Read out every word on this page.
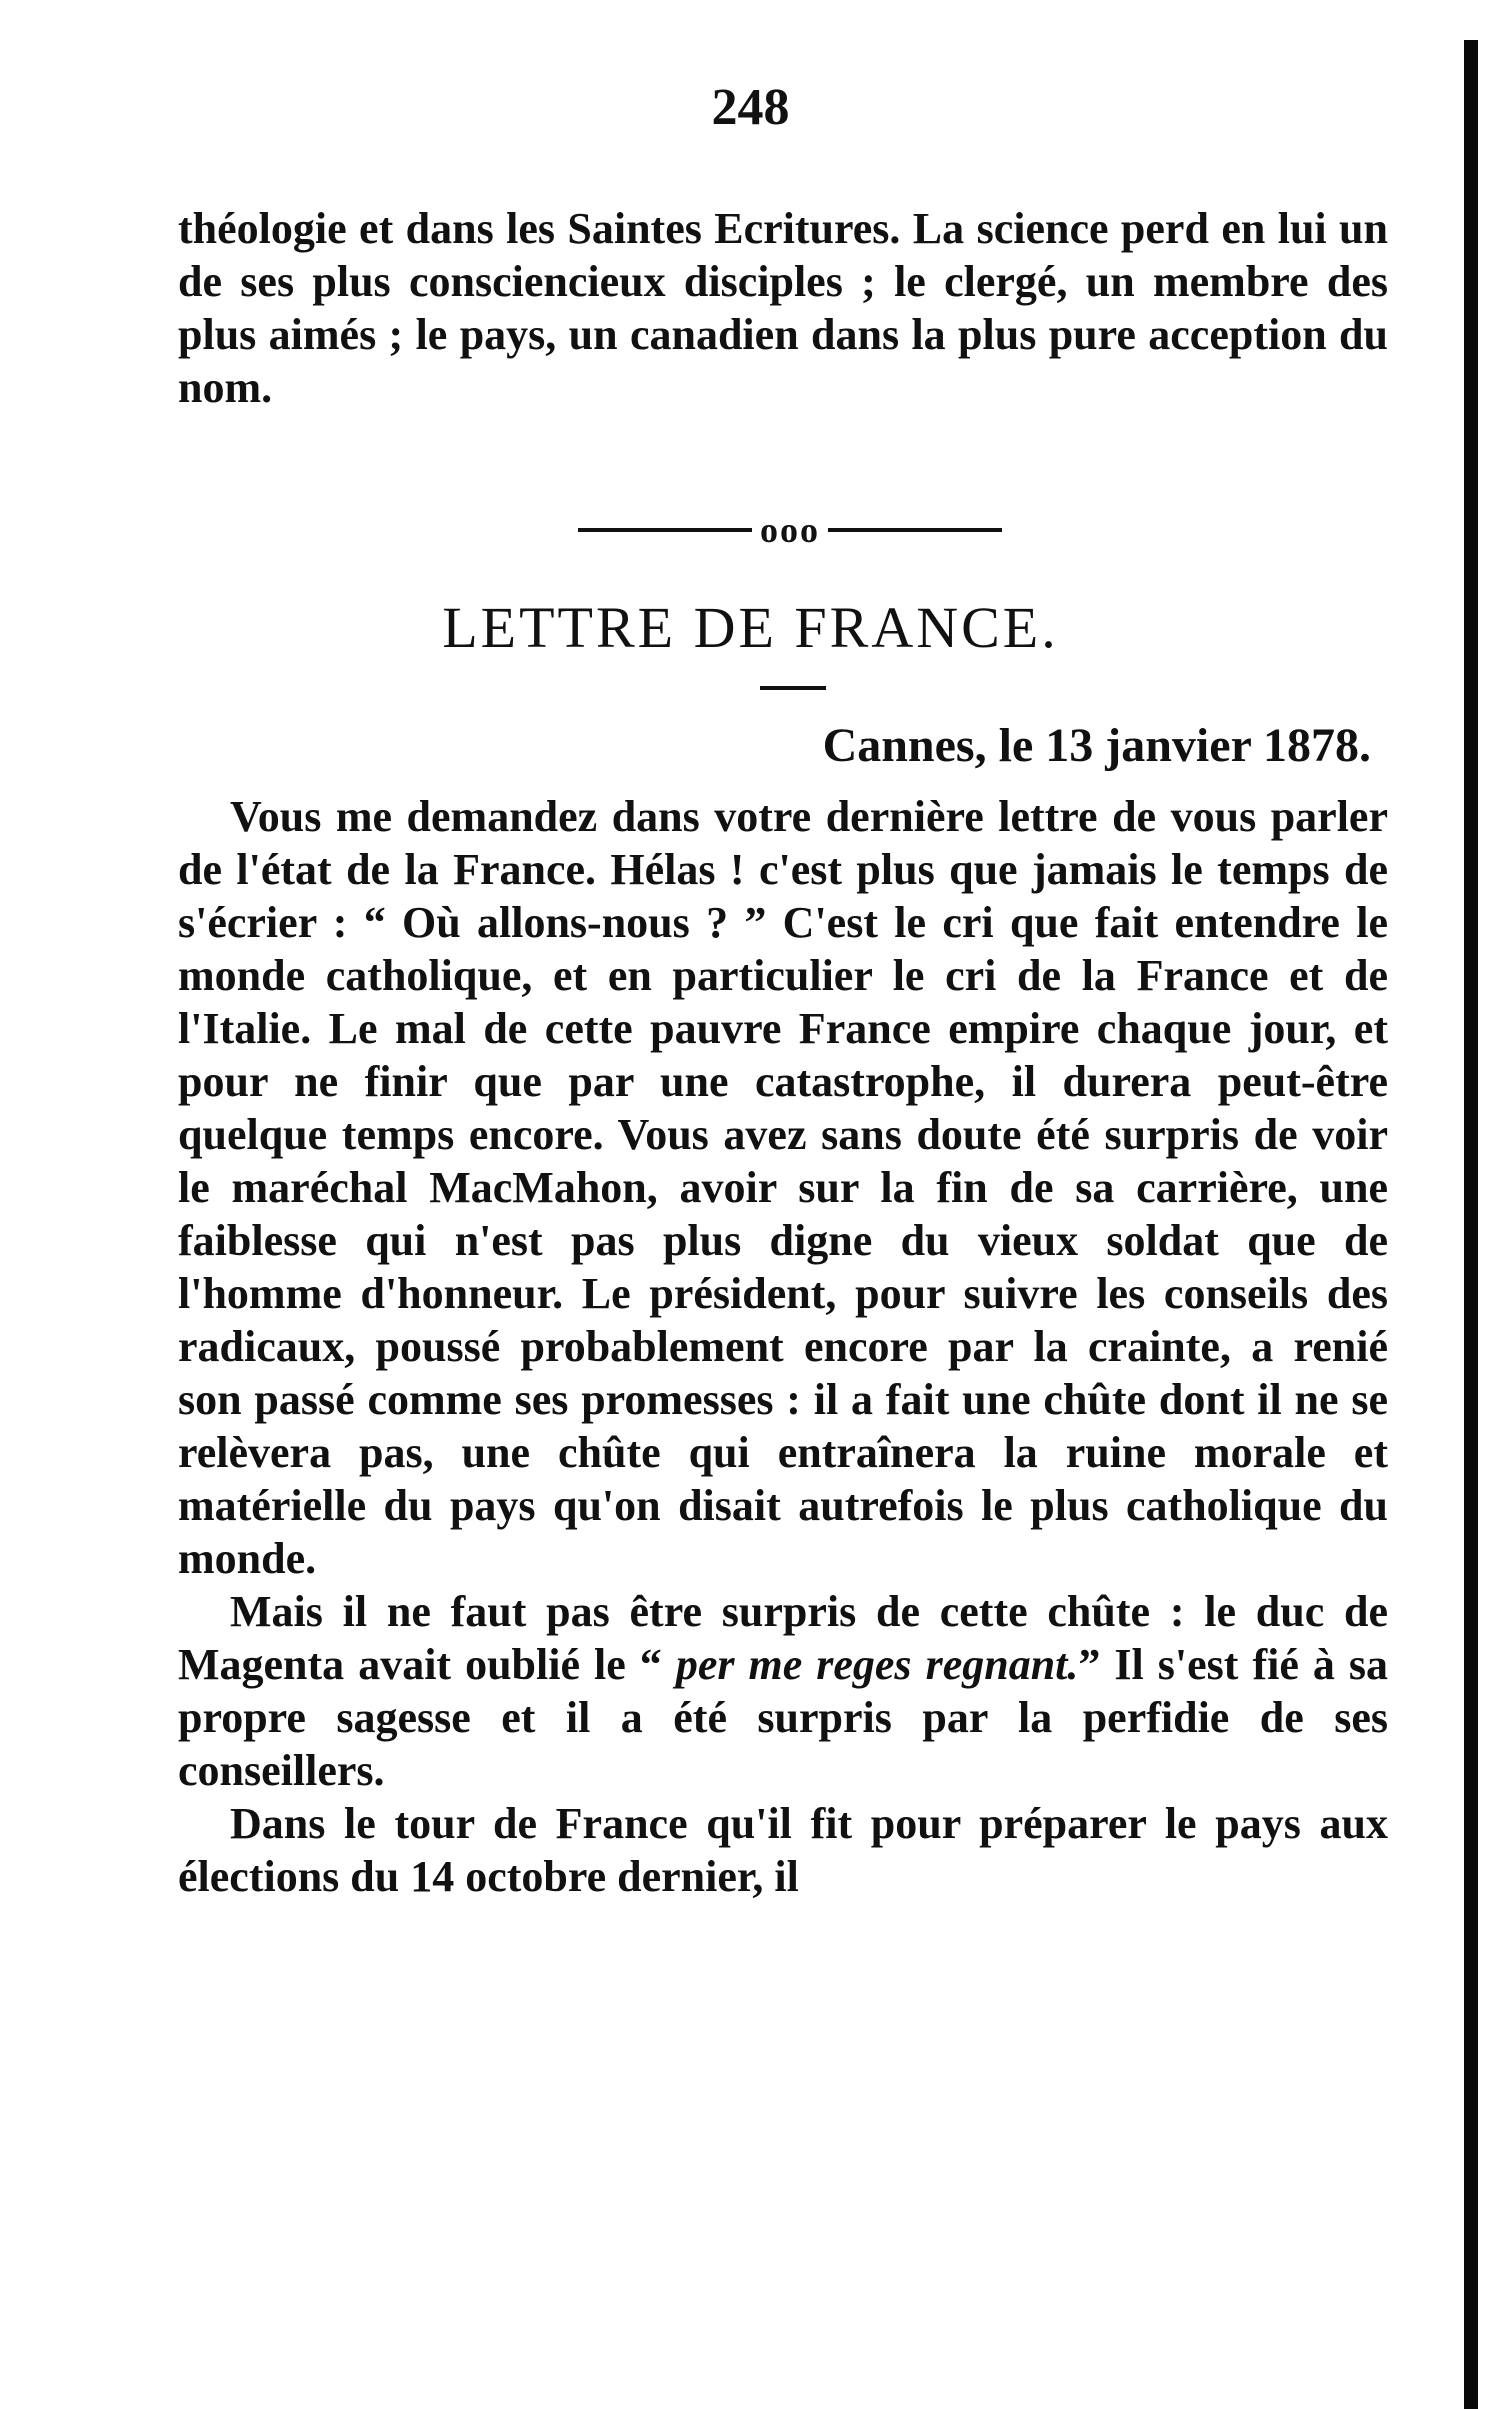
248

théologie et dans les Saintes Ecritures. La science perd en lui un de ses plus consciencieux disciples ; le clergé, un membre des plus aimés ; le pays, un canadien dans la plus pure acception du nom.

ooo
LETTRE DE FRANCE.
Cannes, le 13 janvier 1878.

Vous me demandez dans votre dernière lettre de vous parler de l'état de la France. Hélas ! c'est plus que jamais le temps de s'écrier : “ Où allons-nous ? ” C'est le cri que fait entendre le monde catholique, et en particulier le cri de la France et de l'Italie. Le mal de cette pauvre France empire chaque jour, et pour ne finir que par une catastrophe, il durera peut-être quelque temps encore. Vous avez sans doute été surpris de voir le maréchal MacMahon, avoir sur la fin de sa carrière, une faiblesse qui n'est pas plus digne du vieux soldat que de l'homme d'honneur. Le président, pour suivre les conseils des radicaux, poussé probablement encore par la crainte, a renié son passé comme ses promesses : il a fait une chûte dont il ne se relèvera pas, une chûte qui entraînera la ruine morale et matérielle du pays qu'on disait autrefois le plus catholique du monde.

Mais il ne faut pas être surpris de cette chûte : le duc de Magenta avait oublié le “ per me reges regnant.” Il s'est fié à sa propre sagesse et il a été surpris par la perfidie de ses conseillers.

Dans le tour de France qu'il fit pour préparer le pays aux élections du 14 octobre dernier, il
